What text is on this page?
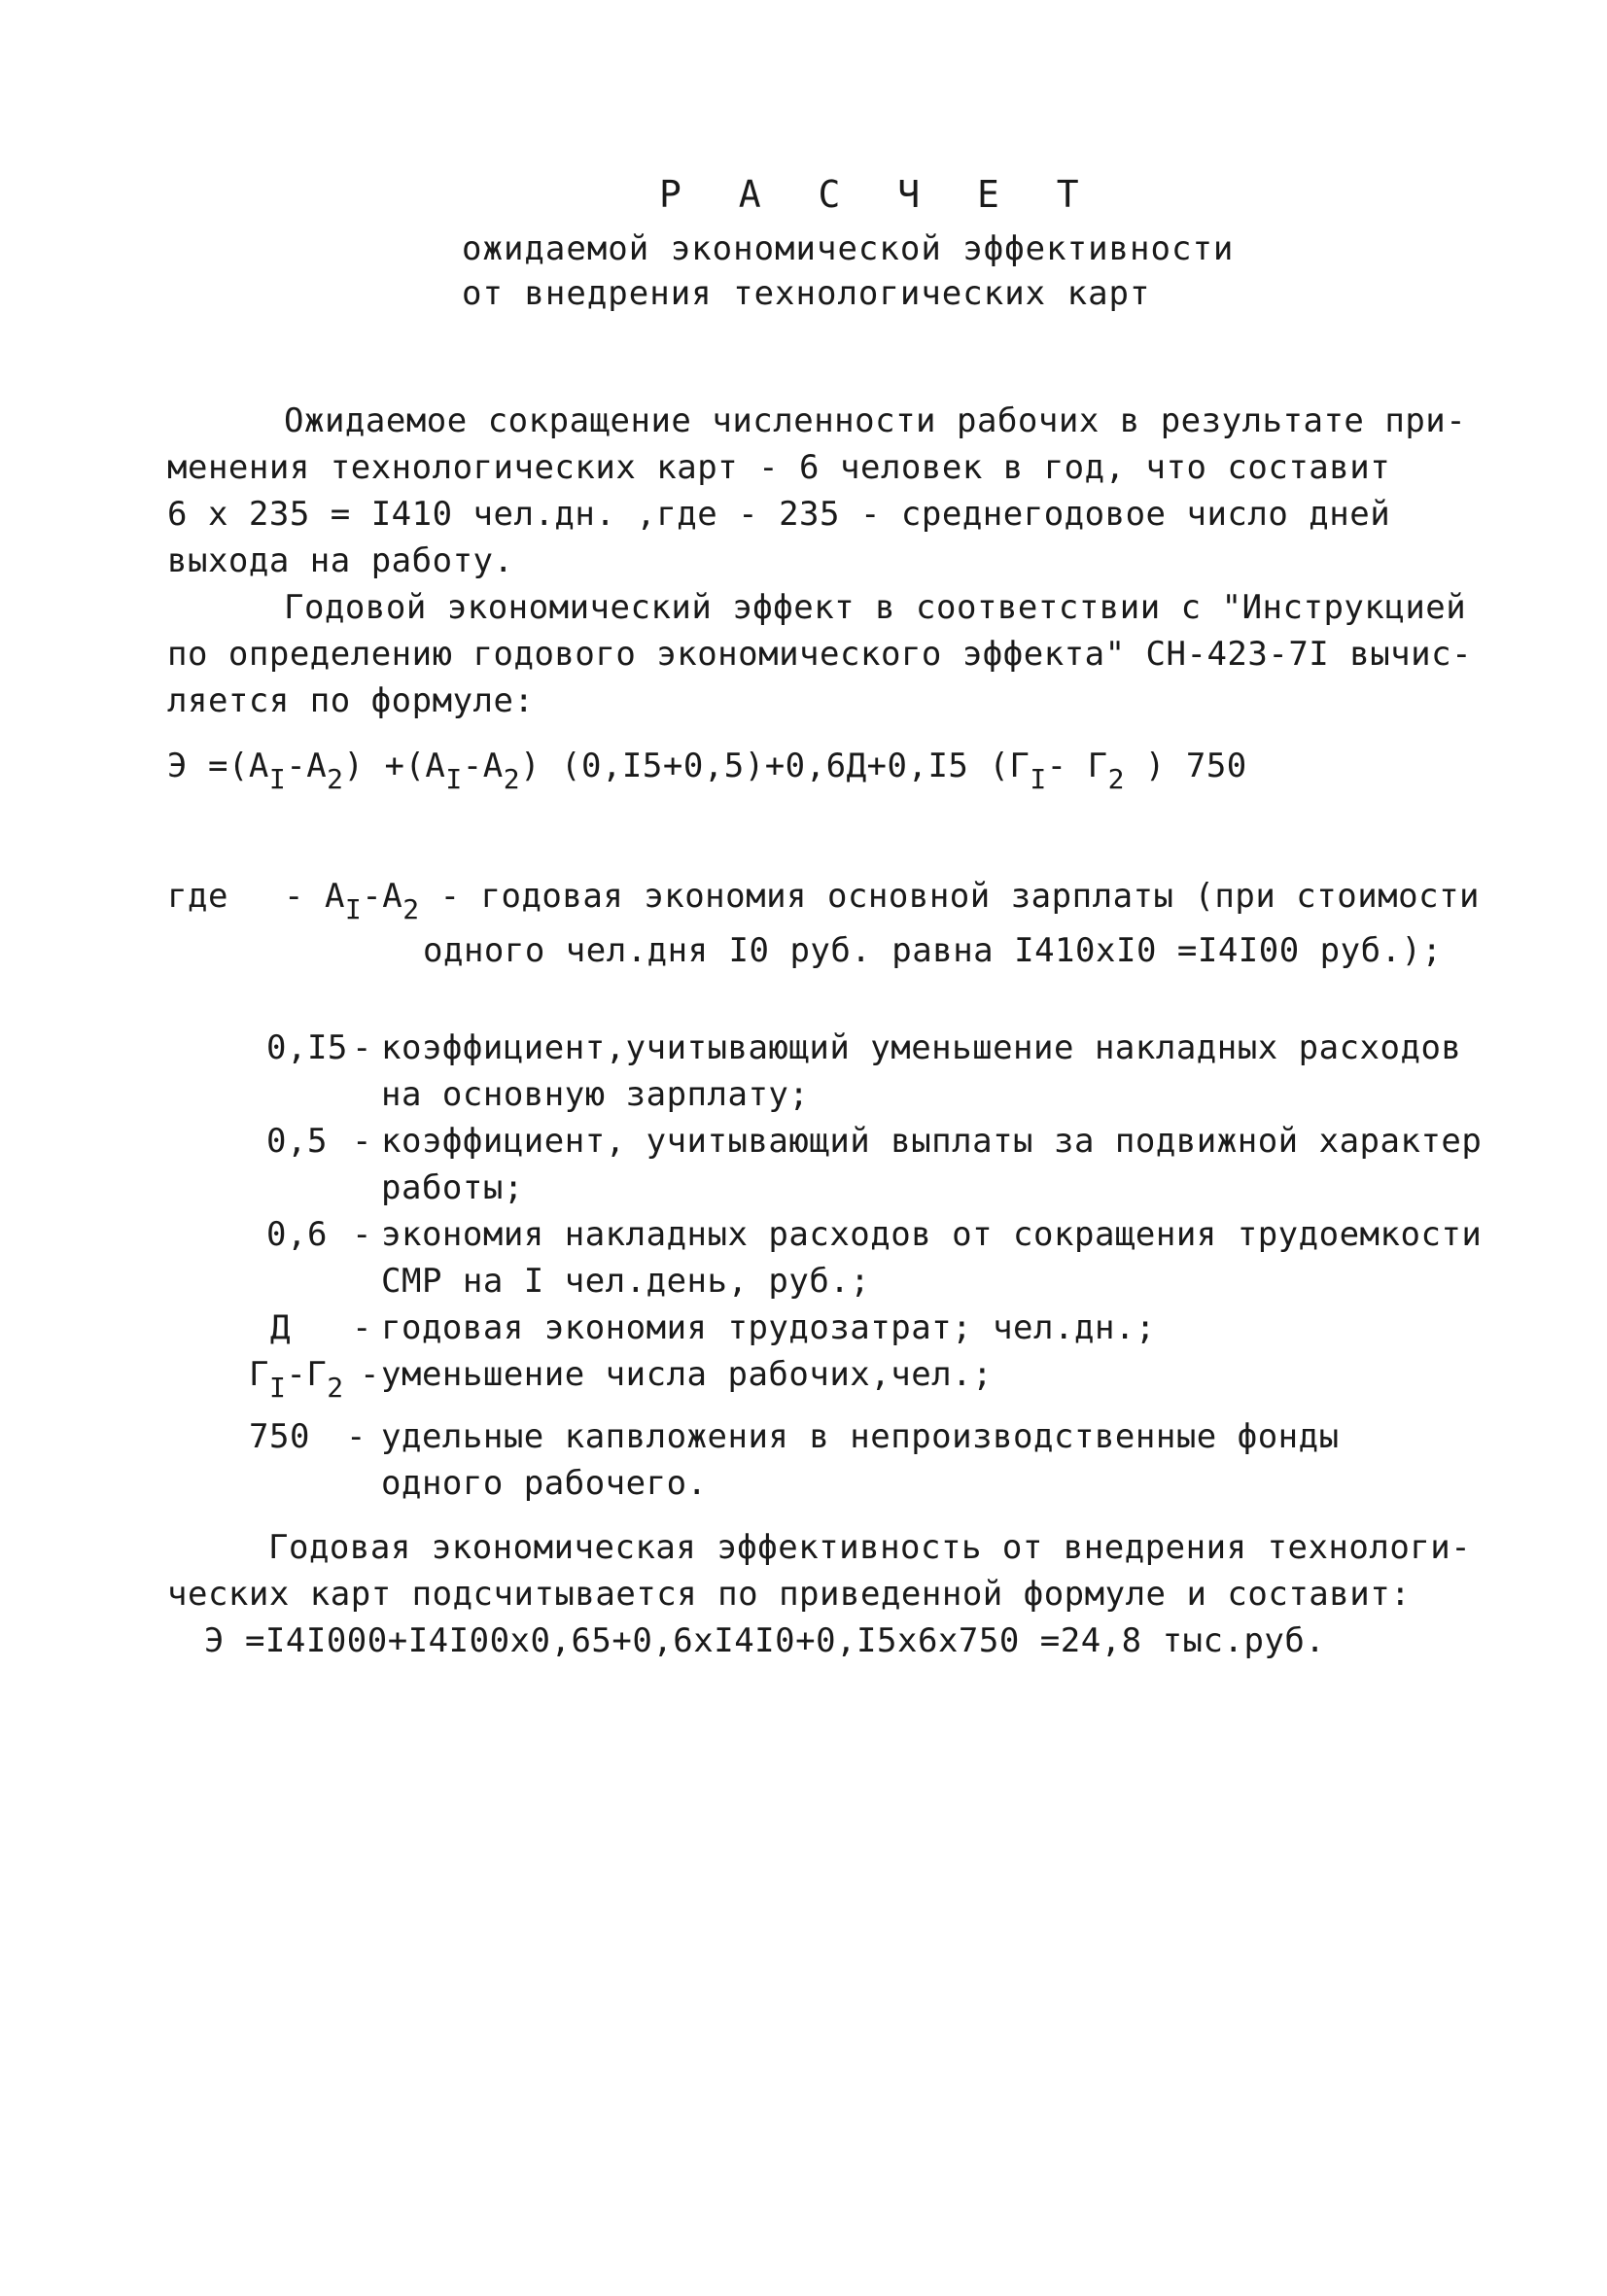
Р А С Ч Е Т
ожидаемой экономической эффективности
от внедрения технологических карт
Ожидаемое сокращение численности рабочих в результате при-
менения технологических карт - 6 человек в год, что составит
6 х 235 = I410 чел.дн. ,где - 235 - среднегодовое число дней
выхода на работу.
Годовой экономический эффект в соответствии с "Инструкцией
по определению годового экономического эффекта" СН-423-7I вычис-
ляется по формуле:
$Э =(А_I-А_2) +(А_I-А_2)$ (0,I5+0,5)+0,6Д+0,I5 ($Г_I-$ $Г_2$ ) 750
где - $А_I-А_2$ - годовая экономия основной зарплаты (при стоимости
одного чел.дня I0 руб. равна I410хI0 =I4I00 руб.);
0,I5 - коэффициент,учитывающий уменьшение накладных расходов
на основную зарплату;
0,5 - коэффициент, учитывающий выплаты за подвижной характер
работы;
0,6 - экономия накладных расходов от сокращения трудоемкости
СМР на I чел.день, руб.;
Д - годовая экономия трудозатрат; чел.дн.;
$Г_I-Г_2$ - уменьшение числа рабочих,чел.;
750 - удельные капвложения в непроизводственные фонды
одного рабочего.
Годовая экономическая эффективность от внедрения технологи-
ческих карт подсчитывается по приведенной формуле и составит:
Э =I4I000+I4I00х0,65+0,6хI4I0+0,I5х6х750 =24,8 тыс.руб.
